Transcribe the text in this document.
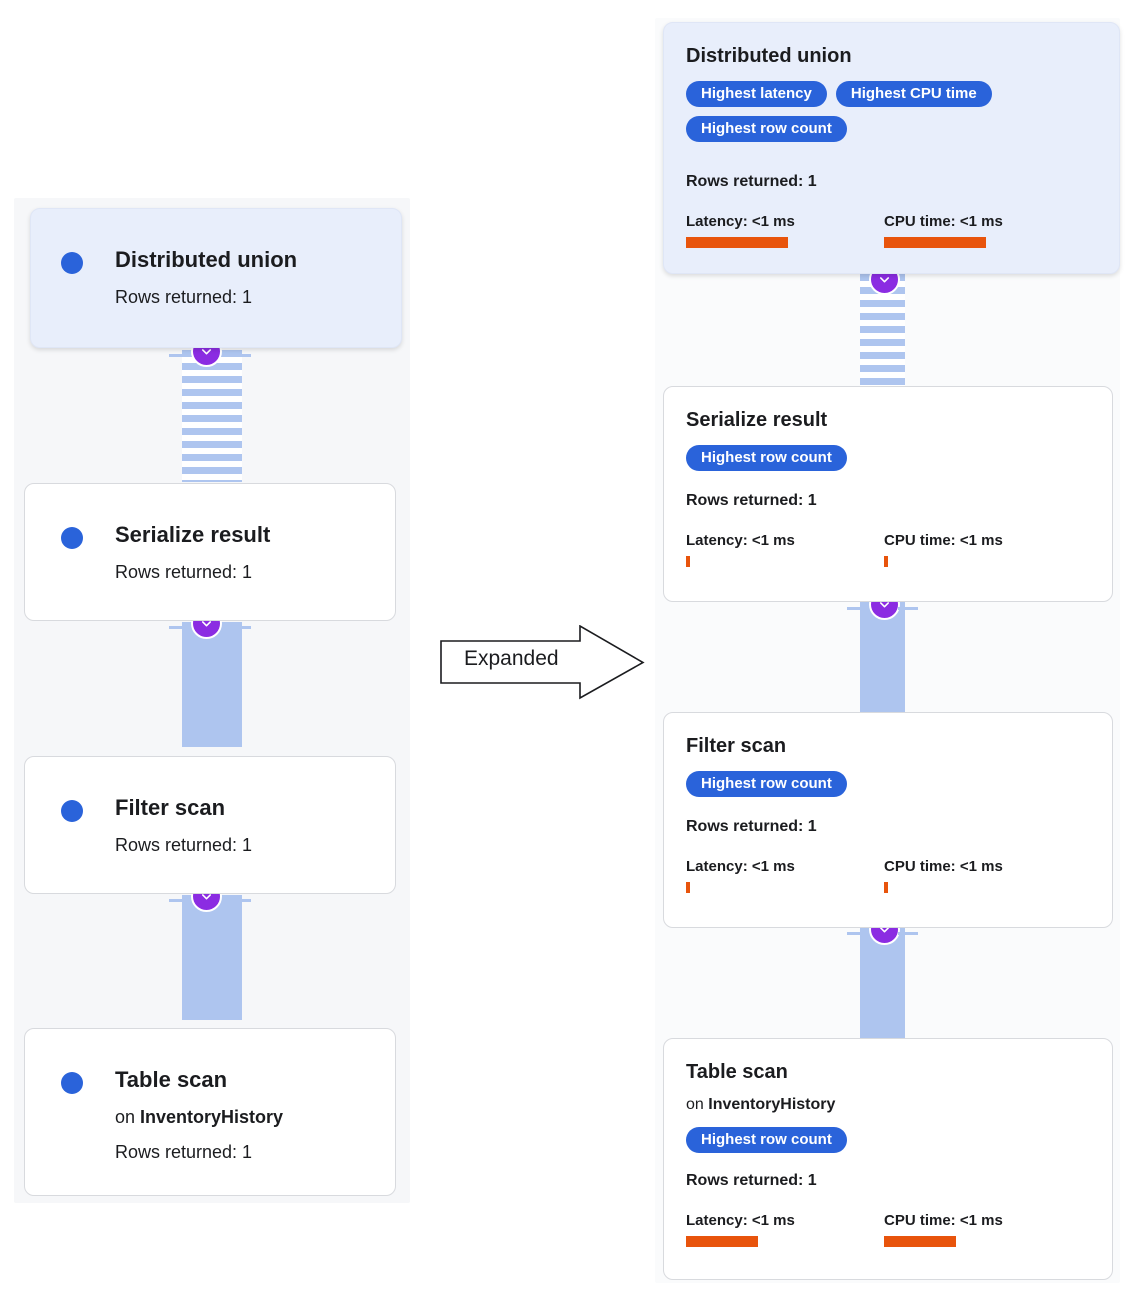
Distributed union
Rows returned: 1
Serialize result
Rows returned: 1
Filter scan
Rows returned: 1
Table scan
on InventoryHistory
Rows returned: 1
Expanded
Distributed union
Highest latency	Highest CPU time
Highest row count
Rows returned: 1
Latency: <1 ms	CPU time: <1 ms
Serialize result
Highest row count
Rows returned: 1
Latency: <1 ms	CPU time: <1 ms
Filter scan
Highest row count
Rows returned: 1
Latency: <1 ms	CPU time: <1 ms
Table scan
on InventoryHistory
Highest row count
Rows returned: 1
Latency: <1 ms	CPU time: <1 ms
